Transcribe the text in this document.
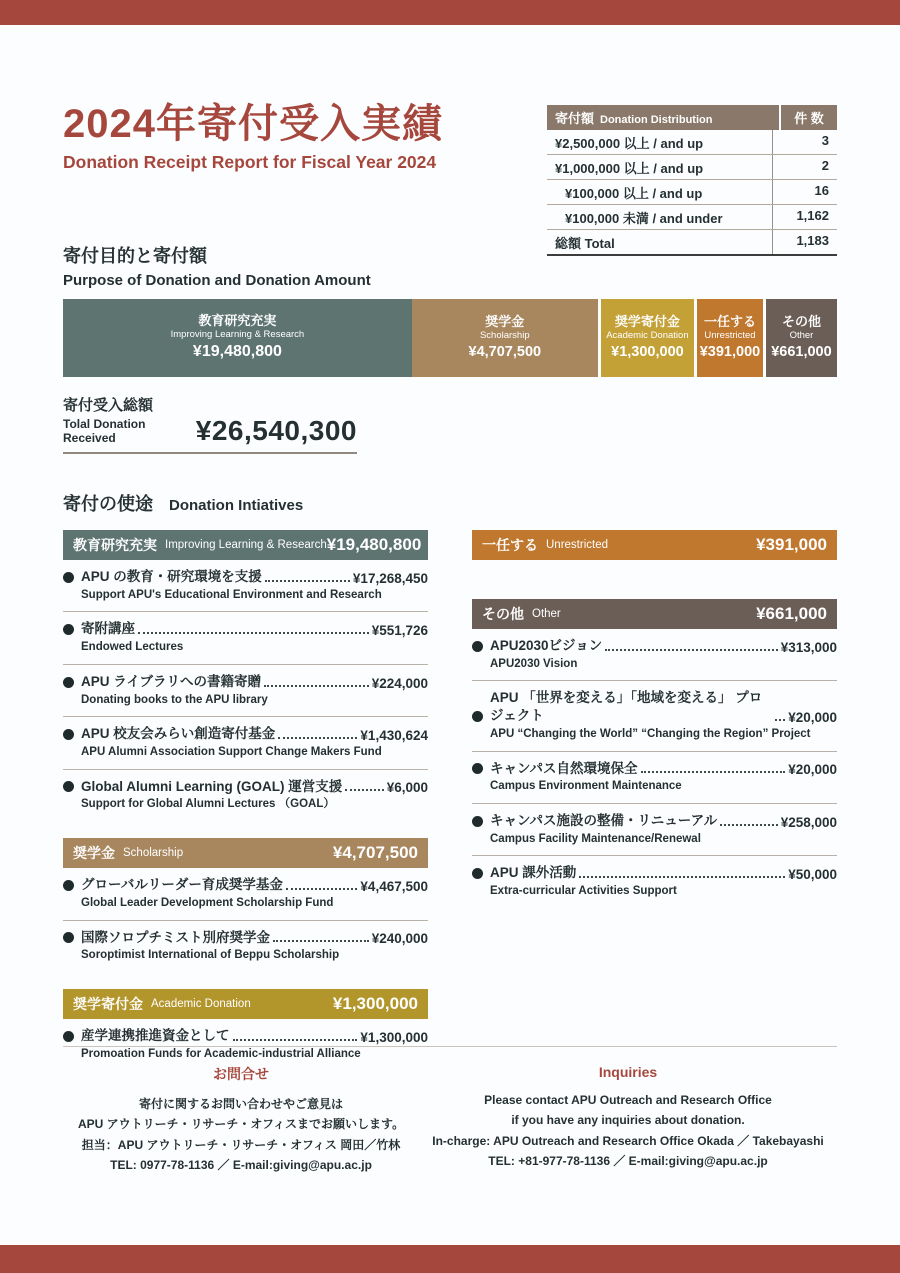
2024年寄付受入実績
Donation Receipt Report for Fiscal Year 2024
寄付額 Donation Distribution	件 数
¥2,500,000 以上 / and up	3
¥1,000,000 以上 / and up	2
¥100,000 以上 / and up	16
¥100,000 未満 / and under	1,162
総額 Total	1,183
寄付目的と寄付額
Purpose of Donation and Donation Amount
教育研究充実
Improving Learning & Research
¥19,480,800
奨学金
Scholarship
¥4,707,500
奨学寄付金
Academic Donation
¥1,300,000
一任する
Unrestricted
¥391,000
その他
Other
¥661,000
寄付受入総額
Tolal Donation Received	¥26,540,300
寄付の使途 Donation Intiatives
教育研究充実 Improving Learning & Research ¥19,480,800
APU の教育・研究環境を支援	¥17,268,450
Support APU's Educational Environment and Research
寄附講座	¥551,726
Endowed Lectures
APU ライブラリへの書籍寄贈	¥224,000
Donating books to the APU library
APU 校友会みらい創造寄付基金	¥1,430,624
APU Alumni Association Support Change Makers Fund
Global Alumni Learning (GOAL) 運営支援	¥6,000
Support for Global Alumni Lectures （GOAL）
奨学金 Scholarship	¥4,707,500
グローバルリーダー育成奨学基金	¥4,467,500
Global Leader Development Scholarship Fund
国際ソロプチミスト別府奨学金	¥240,000
Soroptimist International of Beppu Scholarship
奨学寄付金 Academic Donation	¥1,300,000
産学連携推進資金として	¥1,300,000
Promoation Funds for Academic-industrial Alliance
一任する Unrestricted	¥391,000
その他 Other	¥661,000
APU2030ビジョン	¥313,000
APU2030 Vision
APU 「世界を変える」「地域を変える」 プロジェクト	¥20,000
APU “Changing the World” “Changing the Region” Project
キャンパス自然環境保全	¥20,000
Campus Environment Maintenance
キャンパス施設の整備・リニューアル	¥258,000
Campus Facility Maintenance/Renewal
APU 課外活動	¥50,000
Extra-curricular Activities Support
お問合せ
寄付に関するお問い合わせやご意見は
APU アウトリーチ・リサーチ・オフィスまでお願いします。
担当：APU アウトリーチ・リサーチ・オフィス 岡田／竹林
TEL: 0977-78-1136 ／ E-mail:giving@apu.ac.jp
Inquiries
Please contact APU Outreach and Research Office
if you have any inquiries about donation.
In-charge: APU Outreach and Research Office Okada ／ Takebayashi
TEL: +81-977-78-1136 ／ E-mail:giving@apu.ac.jp
